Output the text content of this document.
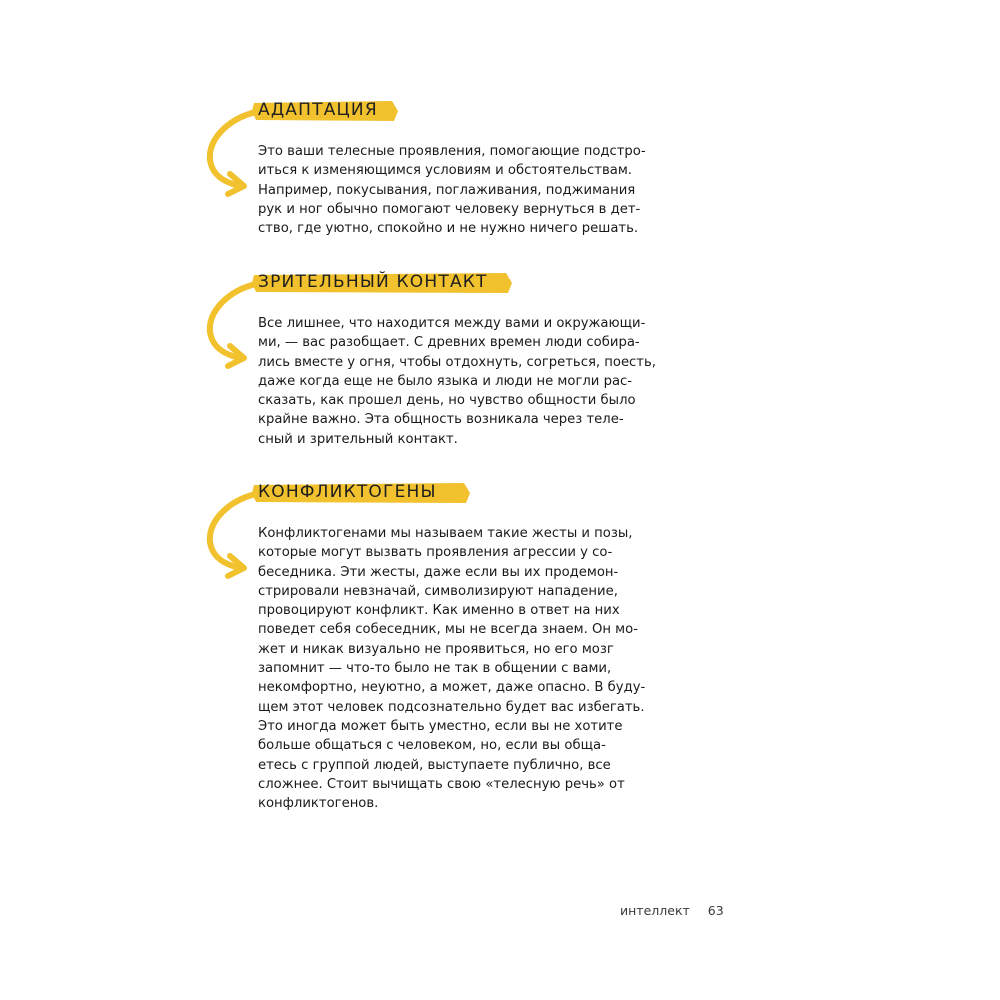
АДАПТАЦИЯ
Это ваши телесные проявления, помогающие подстро-
иться к изменяющимся условиям и обстоятельствам.
Например, покусывания, поглаживания, поджимания
рук и ног обычно помогают человеку вернуться в дет-
ство, где уютно, спокойно и не нужно ничего решать.
ЗРИТЕЛЬНЫЙ КОНТАКТ
Все лишнее, что находится между вами и окружающи-
ми, — вас разобщает. С древних времен люди собира-
лись вместе у огня, чтобы отдохнуть, согреться, поесть,
даже когда еще не было языка и люди не могли рас-
сказать, как прошел день, но чувство общности было
крайне важно. Эта общность возникала через теле-
сный и зрительный контакт.
КОНФЛИКТОГЕНЫ
Конфликтогенами мы называем такие жесты и позы,
которые могут вызвать проявления агрессии у со-
беседника. Эти жесты, даже если вы их продемон-
стрировали невзначай, символизируют нападение,
провоцируют конфликт. Как именно в ответ на них
поведет себя собеседник, мы не всегда знаем. Он мо-
жет и никак визуально не проявиться, но его мозг
запомнит — что-то было не так в общении с вами,
некомфортно, неуютно, а может, даже опасно. В буду-
щем этот человек подсознательно будет вас избегать.
Это иногда может быть уместно, если вы не хотите
больше общаться с человеком, но, если вы обща-
етесь с группой людей, выступаете публично, все
сложнее. Стоит вычищать свою «телесную речь» от
конфликтогенов.
интеллект 63
